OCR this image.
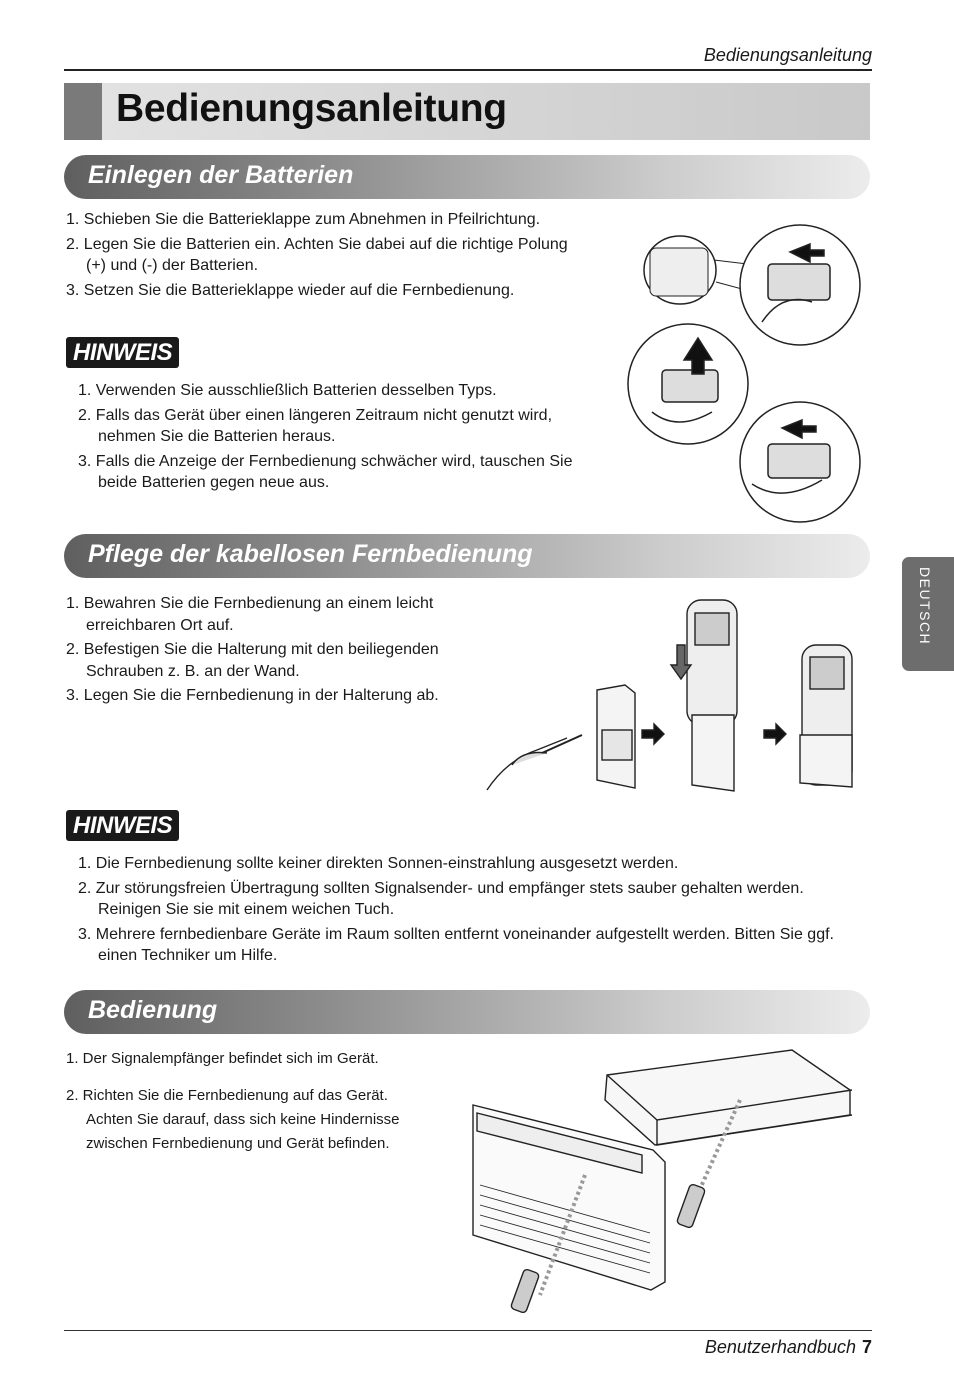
Bedienungsanleitung
Bedienungsanleitung
DEUTSCH
Einlegen der Batterien
1. Schieben Sie die Batterieklappe zum Abnehmen in Pfeilrichtung.
2. Legen Sie die Batterien ein. Achten Sie dabei auf die richtige Polung (+) und (-) der Batterien.
3. Setzen Sie die Batterieklappe wieder auf die Fernbedienung.
HINWEIS
1. Verwenden Sie ausschließlich Batterien desselben Typs.
2. Falls das Gerät über einen längeren Zeitraum nicht genutzt wird, nehmen Sie die Batterien heraus.
3. Falls die Anzeige der Fernbedienung schwächer wird, tauschen Sie beide Batterien gegen neue aus.
Pflege der kabellosen Fernbedienung
1. Bewahren Sie die Fernbedienung an einem leicht erreichbaren Ort auf.
2. Befestigen Sie die Halterung mit den beiliegenden Schrauben z. B. an der Wand.
3. Legen Sie die Fernbedienung in der Halterung ab.
HINWEIS
1. Die Fernbedienung sollte keiner direkten Sonnen-einstrahlung ausgesetzt werden.
2. Zur störungsfreien Übertragung sollten Signalsender- und empfänger stets sauber gehalten werden. Reinigen Sie sie mit einem weichen Tuch.
3. Mehrere fernbedienbare Geräte im Raum sollten entfernt voneinander aufgestellt werden. Bitten Sie ggf. einen Techniker um Hilfe.
Bedienung
1. Der Signalempfänger befindet sich im Gerät.
2. Richten Sie die Fernbedienung auf das Gerät. Achten Sie darauf, dass sich keine Hindernisse zwischen Fernbedienung und Gerät befinden.
Benutzerhandbuch 7
